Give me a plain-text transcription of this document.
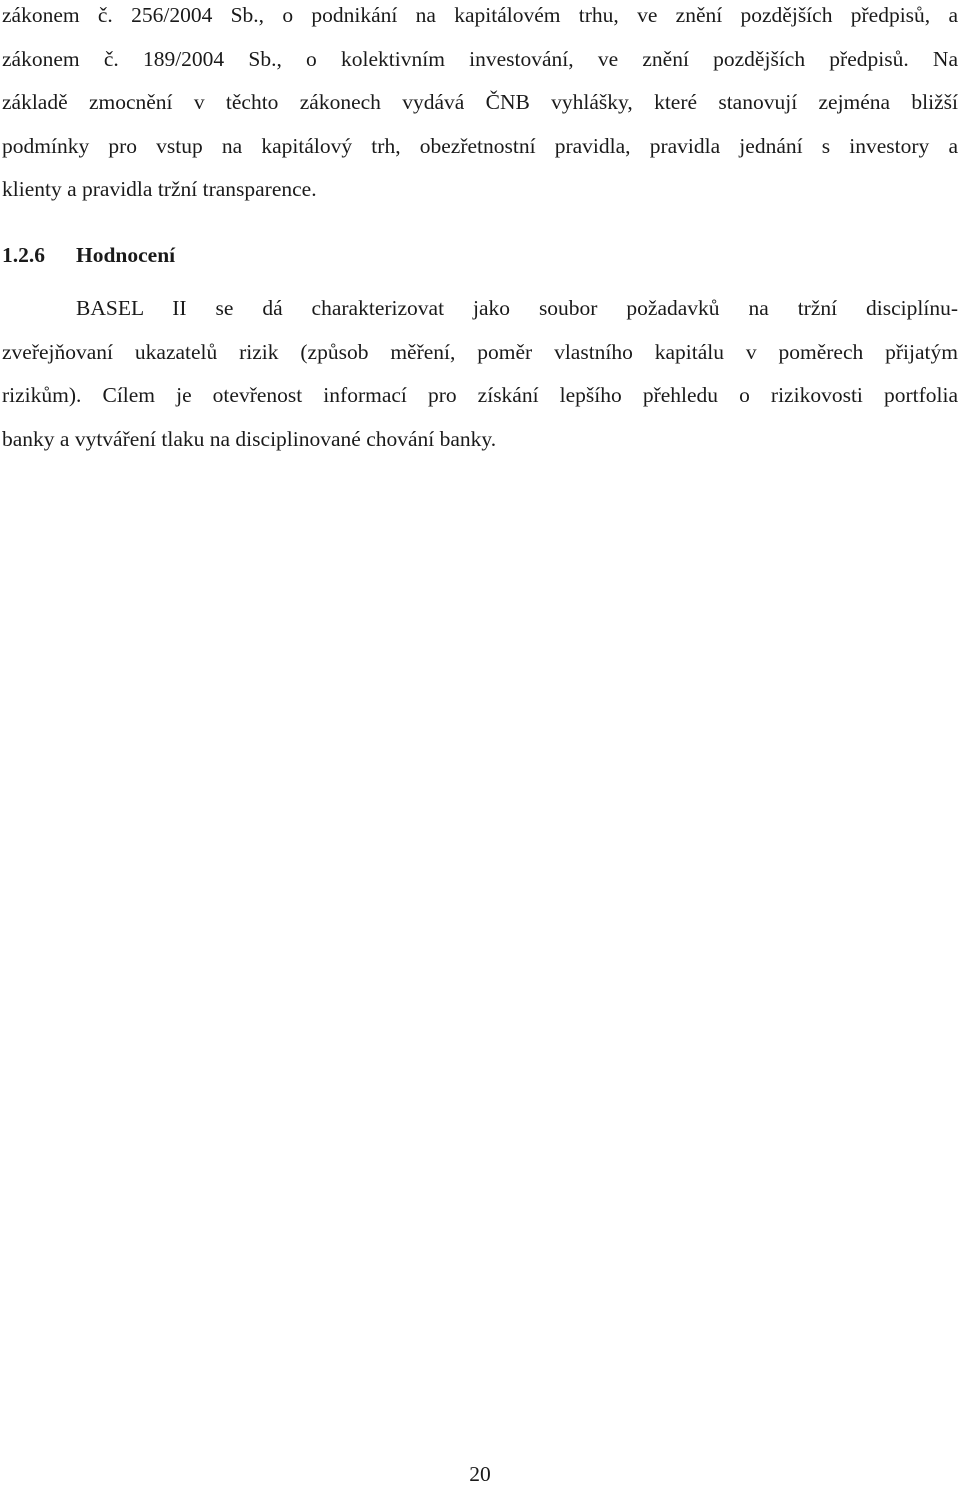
zákonem č. 256/2004 Sb., o podnikání na kapitálovém trhu, ve znění pozdějších předpisů, a
zákonem č. 189/2004 Sb., o kolektivním investování, ve znění pozdějších předpisů. Na
základě zmocnění v těchto zákonech vydává ČNB vyhlášky, které stanovují zejména bližší
podmínky pro vstup na kapitálový trh, obezřetnostní pravidla, pravidla jednání s investory a
klienty a pravidla tržní transparence.
1.2.6 Hodnocení
BASEL II se dá charakterizovat jako soubor požadavků na tržní disciplínu-
zveřejňovaní ukazatelů rizik (způsob měření, poměr vlastního kapitálu v poměrech přijatým
rizikům). Cílem je otevřenost informací pro získání lepšího přehledu o rizikovosti portfolia
banky a vytváření tlaku na disciplinované chování banky.
20
